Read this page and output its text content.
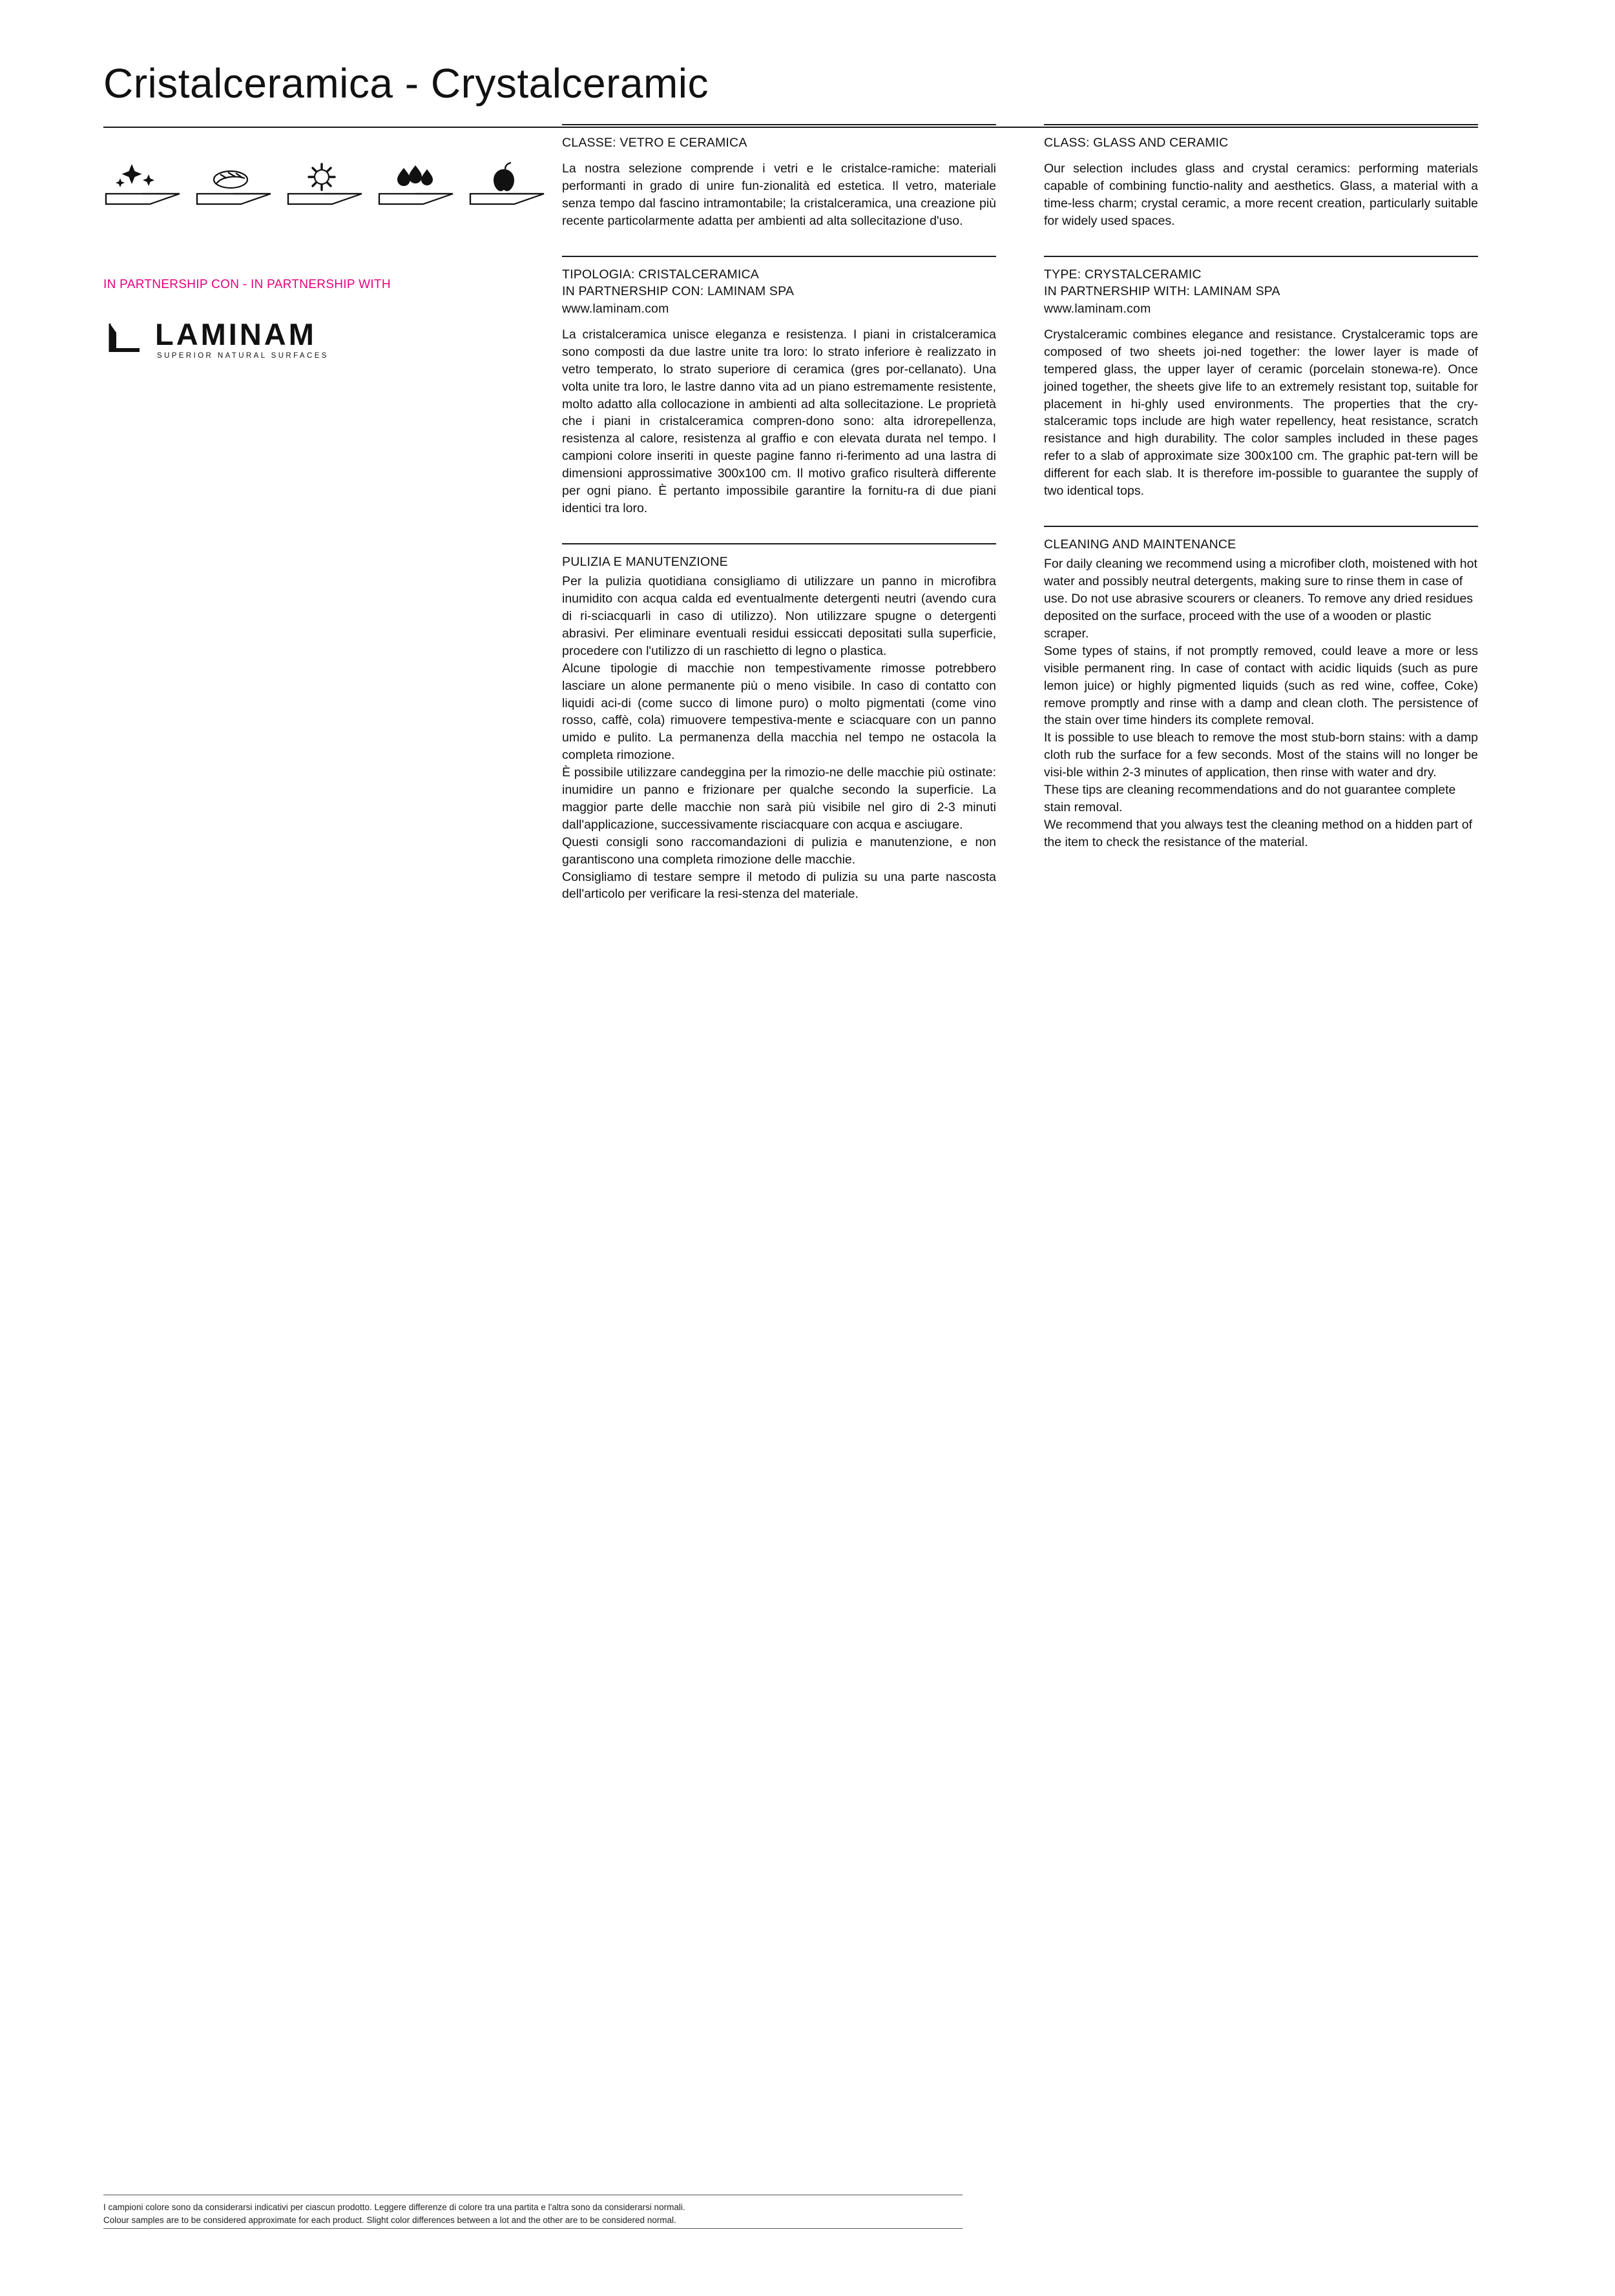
Cristalceramica - Crystalceramic
IN PARTNERSHIP CON - IN PARTNERSHIP WITH
LAMINAM
SUPERIOR NATURAL SURFACES
CLASSE: VETRO E CERAMICA

La nostra selezione comprende i vetri e le cristalce-ramiche: materiali performanti in grado di unire fun-zionalità ed estetica. Il vetro, materiale senza tempo dal fascino intramontabile; la cristalceramica, una creazione più recente particolarmente adatta per ambienti ad alta sollecitazione d'uso.

TIPOLOGIA: CRISTALCERAMICA
IN PARTNERSHIP CON: LAMINAM SPA
www.laminam.com

La cristalceramica unisce eleganza e resistenza. I piani in cristalceramica sono composti da due lastre unite tra loro: lo strato inferiore è realizzato in vetro temperato, lo strato superiore di ceramica (gres por-cellanato). Una volta unite tra loro, le lastre danno vita ad un piano estremamente resistente, molto adatto alla collocazione in ambienti ad alta sollecitazione. Le proprietà che i piani in cristalceramica compren-dono sono: alta idrorepellenza, resistenza al calore, resistenza al graffio e con elevata durata nel tempo. I campioni colore inseriti in queste pagine fanno ri-ferimento ad una lastra di dimensioni approssimative 300x100 cm. Il motivo grafico risulterà differente per ogni piano. È pertanto impossibile garantire la fornitu-ra di due piani identici tra loro.

PULIZIA E MANUTENZIONE

Per la pulizia quotidiana consigliamo di utilizzare un panno in microfibra inumidito con acqua calda ed eventualmente detergenti neutri (avendo cura di ri-sciacquarli in caso di utilizzo). Non utilizzare spugne o detergenti abrasivi. Per eliminare eventuali residui essiccati depositati sulla superficie, procedere con l'utilizzo di un raschietto di legno o plastica.

Alcune tipologie di macchie non tempestivamente rimosse potrebbero lasciare un alone permanente più o meno visibile. In caso di contatto con liquidi aci-di (come succo di limone puro) o molto pigmentati (come vino rosso, caffè, cola) rimuovere tempestiva-mente e sciacquare con un panno umido e pulito. La permanenza della macchia nel tempo ne ostacola la completa rimozione.

È possibile utilizzare candeggina per la rimozio-ne delle macchie più ostinate: inumidire un panno e frizionare per qualche secondo la superficie. La maggior parte delle macchie non sarà più visibile nel giro di 2-3 minuti dall'applicazione, successivamente risciacquare con acqua e asciugare.

Questi consigli sono raccomandazioni di pulizia e manutenzione, e non garantiscono una completa rimozione delle macchie.

Consigliamo di testare sempre il metodo di pulizia su una parte nascosta dell'articolo per verificare la resi-stenza del materiale.

CLASS: GLASS AND CERAMIC

Our selection includes glass and crystal ceramics: performing materials capable of combining functio-nality and aesthetics. Glass, a material with a time-less charm; crystal ceramic, a more recent creation, particularly suitable for widely used spaces.

TYPE: CRYSTALCERAMIC
IN PARTNERSHIP WITH: LAMINAM SPA
www.laminam.com

Crystalceramic combines elegance and resistance. Crystalceramic tops are composed of two sheets joi-ned together: the lower layer is made of tempered glass, the upper layer of ceramic (porcelain stonewa-re). Once joined together, the sheets give life to an extremely resistant top, suitable for placement in hi-ghly used environments. The properties that the cry-stalceramic tops include are high water repellency, heat resistance, scratch resistance and high durability. The color samples included in these pages refer to a slab of approximate size 300x100 cm. The graphic pat-tern will be different for each slab. It is therefore im-possible to guarantee the supply of two identical tops.

CLEANING AND MAINTENANCE

For daily cleaning we recommend using a microfiber cloth, moistened with hot water and possibly neutral detergents, making sure to rinse them in case of use. Do not use abrasive scourers or cleaners. To remove any dried residues deposited on the surface, proceed with the use of a wooden or plastic scraper.

Some types of stains, if not promptly removed, could leave a more or less visible permanent ring. In case of contact with acidic liquids (such as pure lemon juice) or highly pigmented liquids (such as red wine, coffee, Coke) remove promptly and rinse with a damp and clean cloth. The persistence of the stain over time hinders its complete removal.

It is possible to use bleach to remove the most stub-born stains: with a damp cloth rub the surface for a few seconds. Most of the stains will no longer be visi-ble within 2-3 minutes of application, then rinse with water and dry.

These tips are cleaning recommendations and do not guarantee complete stain removal.

We recommend that you always test the cleaning method on a hidden part of the item to check the resistance of the material.

I campioni colore sono da considerarsi indicativi per ciascun prodotto. Leggere differenze di colore tra una partita e l'altra sono da considerarsi normali.
Colour samples are to be considered approximate for each product. Slight color differences between a lot and the other are to be considered normal.
